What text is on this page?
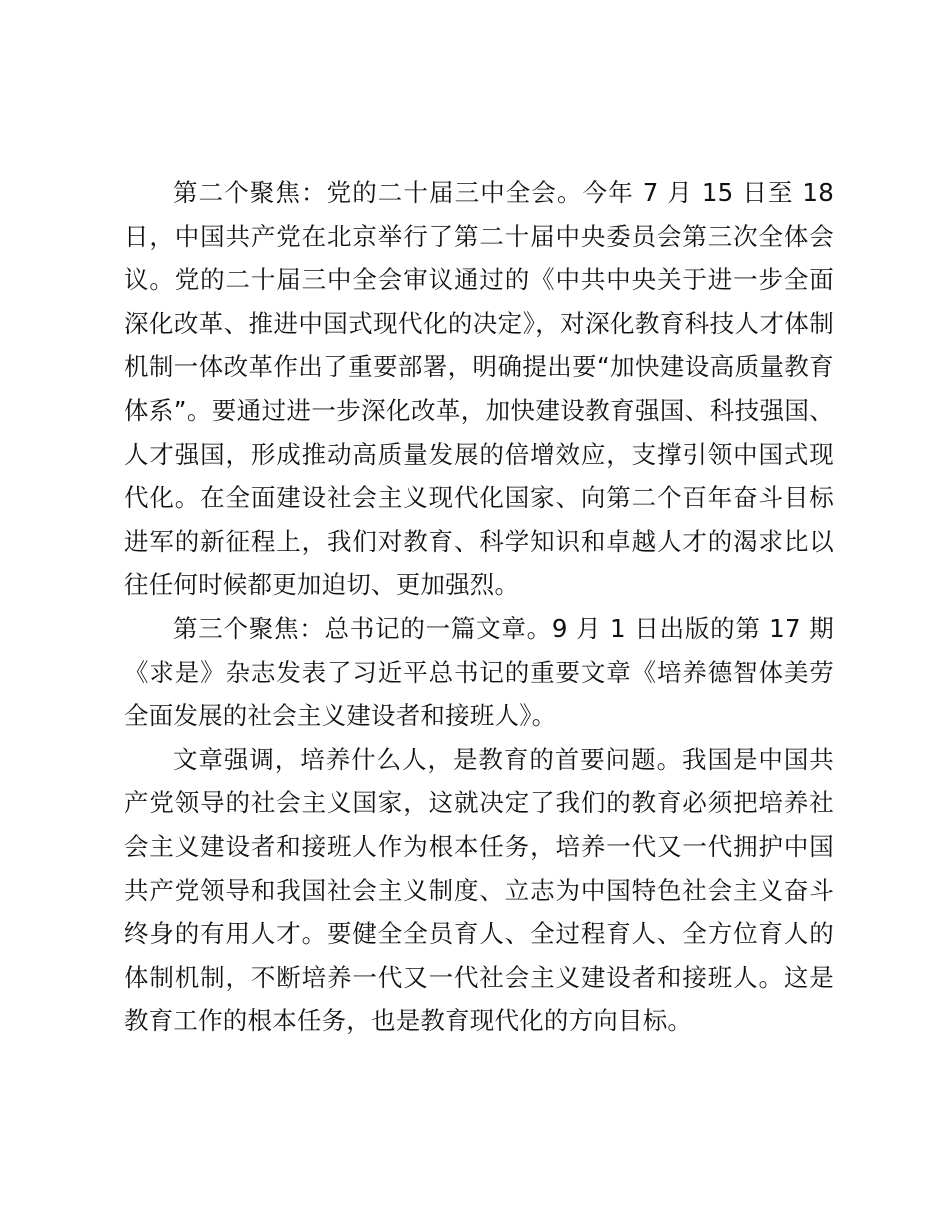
第二个聚焦：党的二十届三中全会。今年 7 月 15 日至 18 日，中国共产党在北京举行了第二十届中央委员会第三次全体会议。党的二十届三中全会审议通过的《中共中央关于进一步全面深化改革、推进中国式现代化的决定》，对深化教育科技人才体制机制一体改革作出了重要部署，明确提出要“加快建设高质量教育体系”。要通过进一步深化改革，加快建设教育强国、科技强国、人才强国，形成推动高质量发展的倍增效应，支撑引领中国式现代化。在全面建设社会主义现代化国家、向第二个百年奋斗目标进军的新征程上，我们对教育、科学知识和卓越人才的渴求比以往任何时候都更加迫切、更加强烈。

第三个聚焦：总书记的一篇文章。9 月 1 日出版的第 17 期《求是》杂志发表了习近平总书记的重要文章《培养德智体美劳全面发展的社会主义建设者和接班人》。

文章强调，培养什么人，是教育的首要问题。我国是中国共产党领导的社会主义国家，这就决定了我们的教育必须把培养社会主义建设者和接班人作为根本任务，培养一代又一代拥护中国共产党领导和我国社会主义制度、立志为中国特色社会主义奋斗终身的有用人才。要健全全员育人、全过程育人、全方位育人的体制机制，不断培养一代又一代社会主义建设者和接班人。这是教育工作的根本任务，也是教育现代化的方向目标。
